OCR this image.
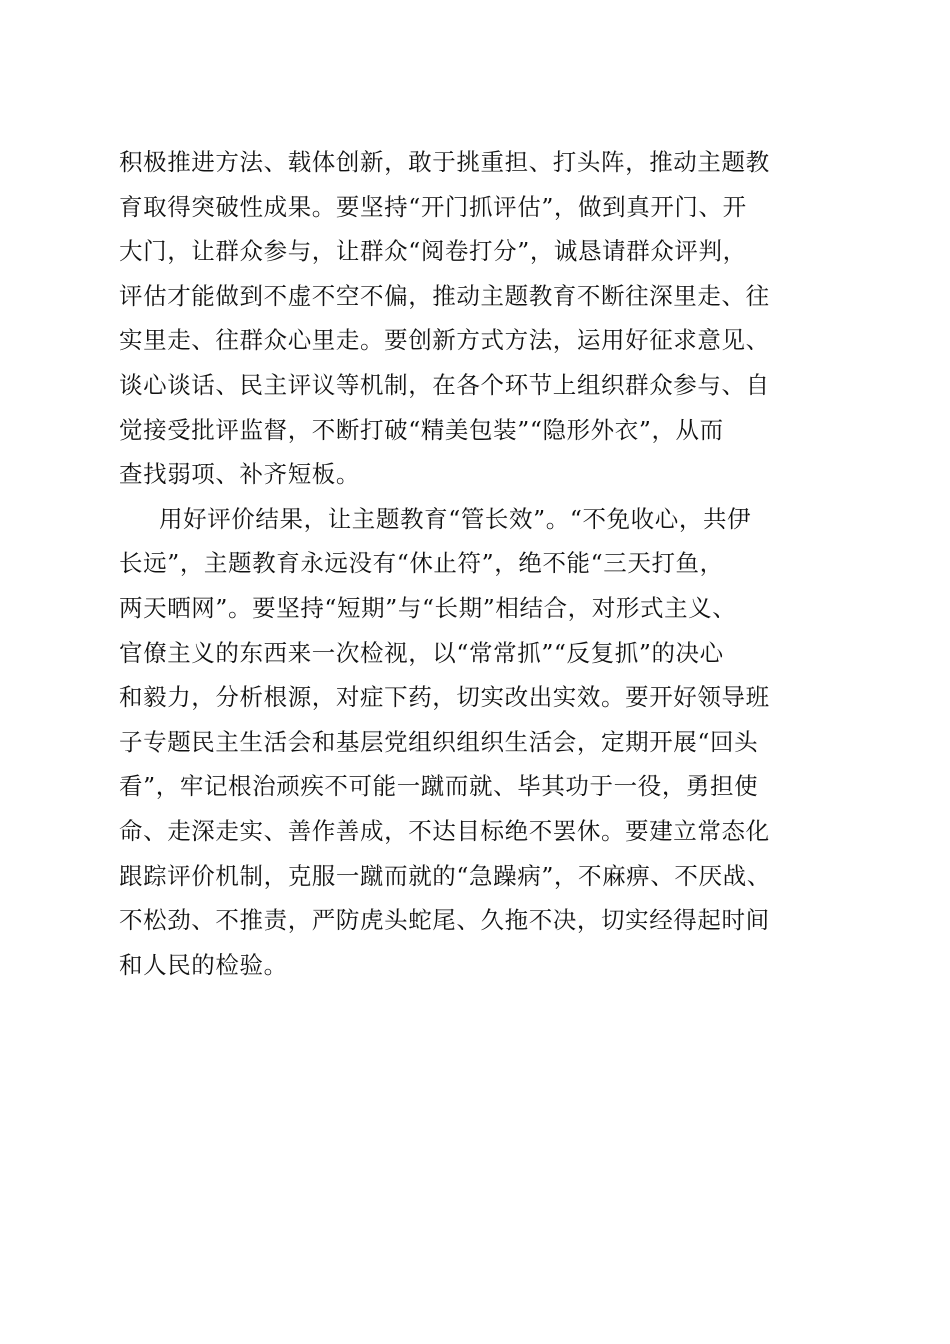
积极推进方法、载体创新，敢于挑重担、打头阵，推动主题教
育取得突破性成果。要坚持“开门抓评估”，做到真开门、开
大门，让群众参与，让群众“阅卷打分”，诚恳请群众评判，
评估才能做到不虚不空不偏，推动主题教育不断往深里走、往
实里走、往群众心里走。要创新方式方法，运用好征求意见、
谈心谈话、民主评议等机制，在各个环节上组织群众参与、自
觉接受批评监督，不断打破“精美包装”“隐形外衣”，从而
查找弱项、补齐短板。
用好评价结果，让主题教育“管长效”。“不免收心，共伊
长远”，主题教育永远没有“休止符”，绝不能“三天打鱼，
两天晒网”。要坚持“短期”与“长期”相结合，对形式主义、
官僚主义的东西来一次检视，以“常常抓”“反复抓”的决心
和毅力，分析根源，对症下药，切实改出实效。要开好领导班
子专题民主生活会和基层党组织组织生活会，定期开展“回头
看”，牢记根治顽疾不可能一蹴而就、毕其功于一役，勇担使
命、走深走实、善作善成，不达目标绝不罢休。要建立常态化
跟踪评价机制，克服一蹴而就的“急躁病”，不麻痹、不厌战、
不松劲、不推责，严防虎头蛇尾、久拖不决，切实经得起时间
和人民的检验。
